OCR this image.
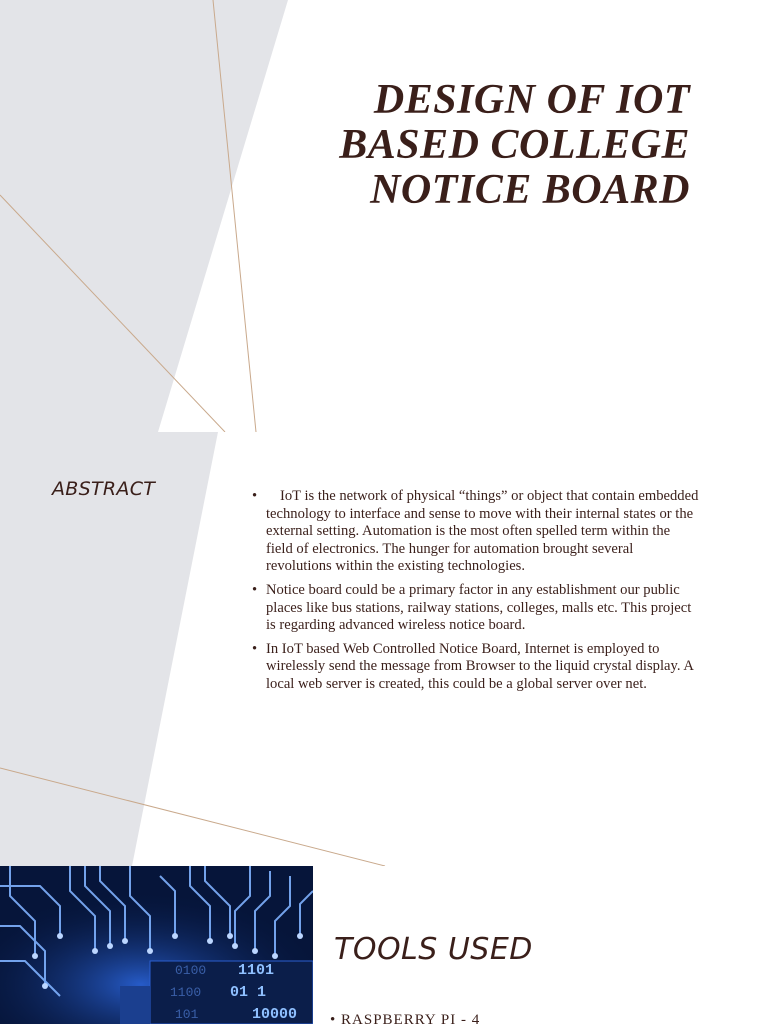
DESIGN OF IOT
BASED COLLEGE
NOTICE BOARD
ABSTRACT	• IoT is the network of physical “things” or object that contain embedded technology to interface and sense to move with their internal states or the external setting. Automation is the most often spelled term within the field of electronics. The hunger for automation brought several revolutions within the existing technologies.
• Notice board could be a primary factor in any establishment our public places like bus stations, railway stations, colleges, malls etc. This project is regarding advanced wireless notice board.
• In IoT based Web Controlled Notice Board, Internet is employed to wirelessly send the message from Browser to the liquid crystal display. A local web server is created, this could be a global server over net.
1101
01 1
10000
0100
1100
101
TOOLS USED
• RASPBERRY PI - 4
